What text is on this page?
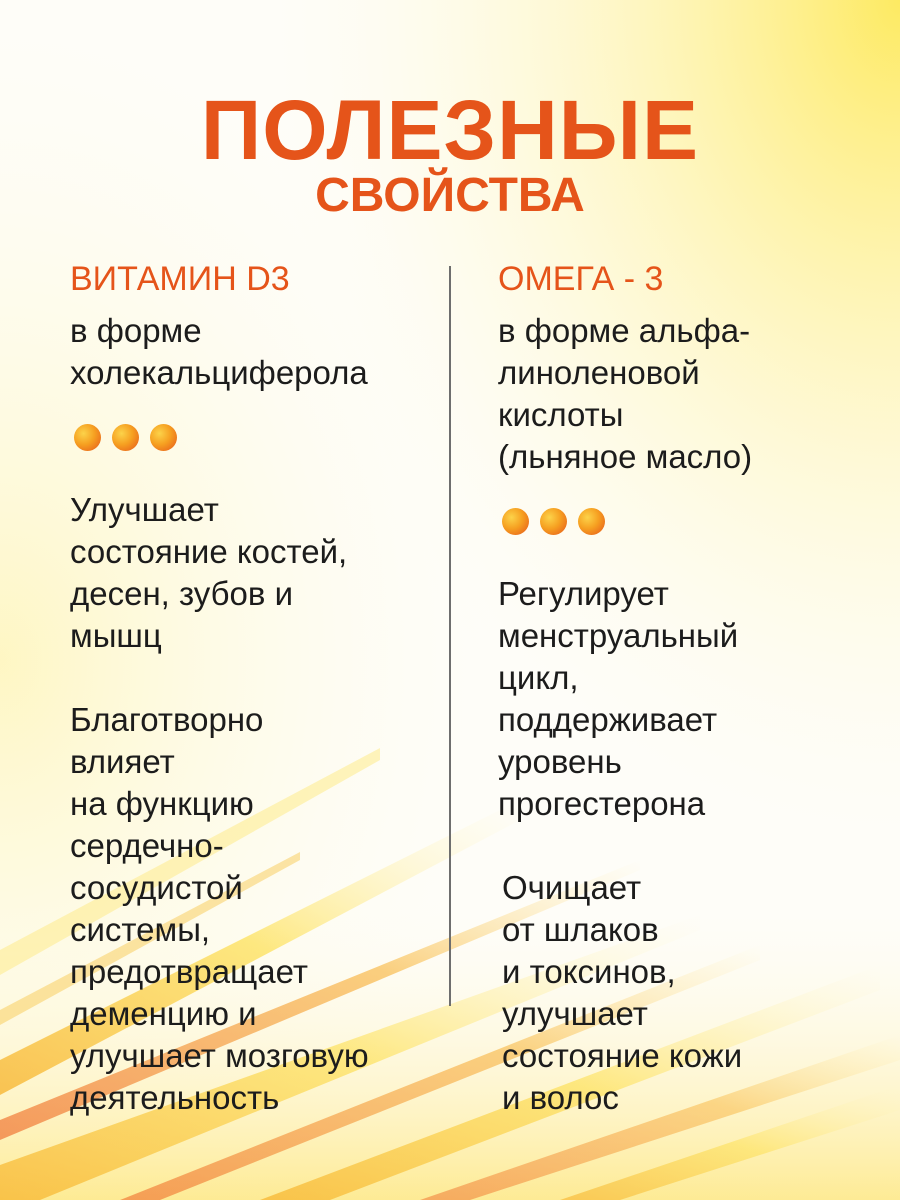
ПОЛЕЗНЫЕ
СВОЙСТВА

ВИТАМИН D3

в форме
холекальциферола

Улучшает
состояние костей,
десен, зубов и
мышц

Благотворно
влияет
на функцию
сердечно-
сосудистой
системы,
предотвращает
деменцию и
улучшает мозговую
деятельность

ОМЕГА - 3

в форме альфа-
линоленовой
кислоты
(льняное масло)

Регулирует
менструальный
цикл,
поддерживает
уровень
прогестерона

Очищает
от шлаков
и токсинов,
улучшает
состояние кожи
и волос
